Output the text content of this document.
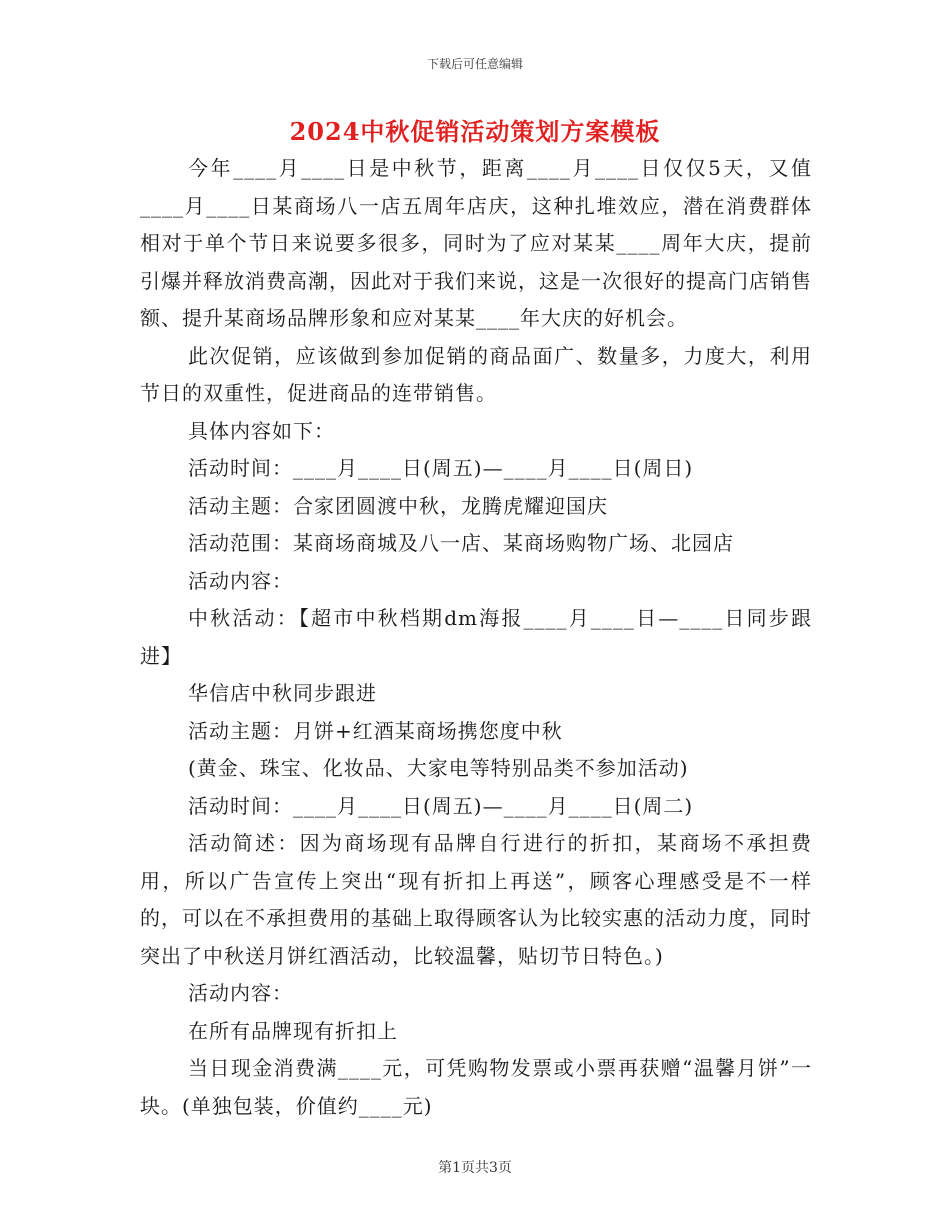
下载后可任意编辑
2024中秋促销活动策划方案模板

今年____月____日是中秋节，距离____月____日仅仅5天，又值____月____日某商场八一店五周年店庆，这种扎堆效应，潜在消费群体相对于单个节日来说要多很多，同时为了应对某某____周年大庆，提前引爆并释放消费高潮，因此对于我们来说，这是一次很好的提高门店销售额、提升某商场品牌形象和应对某某____年大庆的好机会。

此次促销，应该做到参加促销的商品面广、数量多，力度大，利用节日的双重性，促进商品的连带销售。

具体内容如下：

活动时间：____月____日(周五)—____月____日(周日)

活动主题：合家团圆渡中秋，龙腾虎耀迎国庆

活动范围：某商场商城及八一店、某商场购物广场、北园店

活动内容：

中秋活动：【超市中秋档期dm海报____月____日—____日同步跟进】

华信店中秋同步跟进

活动主题：月饼+红酒某商场携您度中秋

(黄金、珠宝、化妆品、大家电等特别品类不参加活动)

活动时间：____月____日(周五)—____月____日(周二)

活动简述：因为商场现有品牌自行进行的折扣，某商场不承担费用，所以广告宣传上突出“现有折扣上再送”，顾客心理感受是不一样的，可以在不承担费用的基础上取得顾客认为比较实惠的活动力度，同时突出了中秋送月饼红酒活动，比较温馨，贴切节日特色。)

活动内容：

在所有品牌现有折扣上

当日现金消费满____元，可凭购物发票或小票再获赠“温馨月饼”一块。(单独包装，价值约____元)

第1页共3页
